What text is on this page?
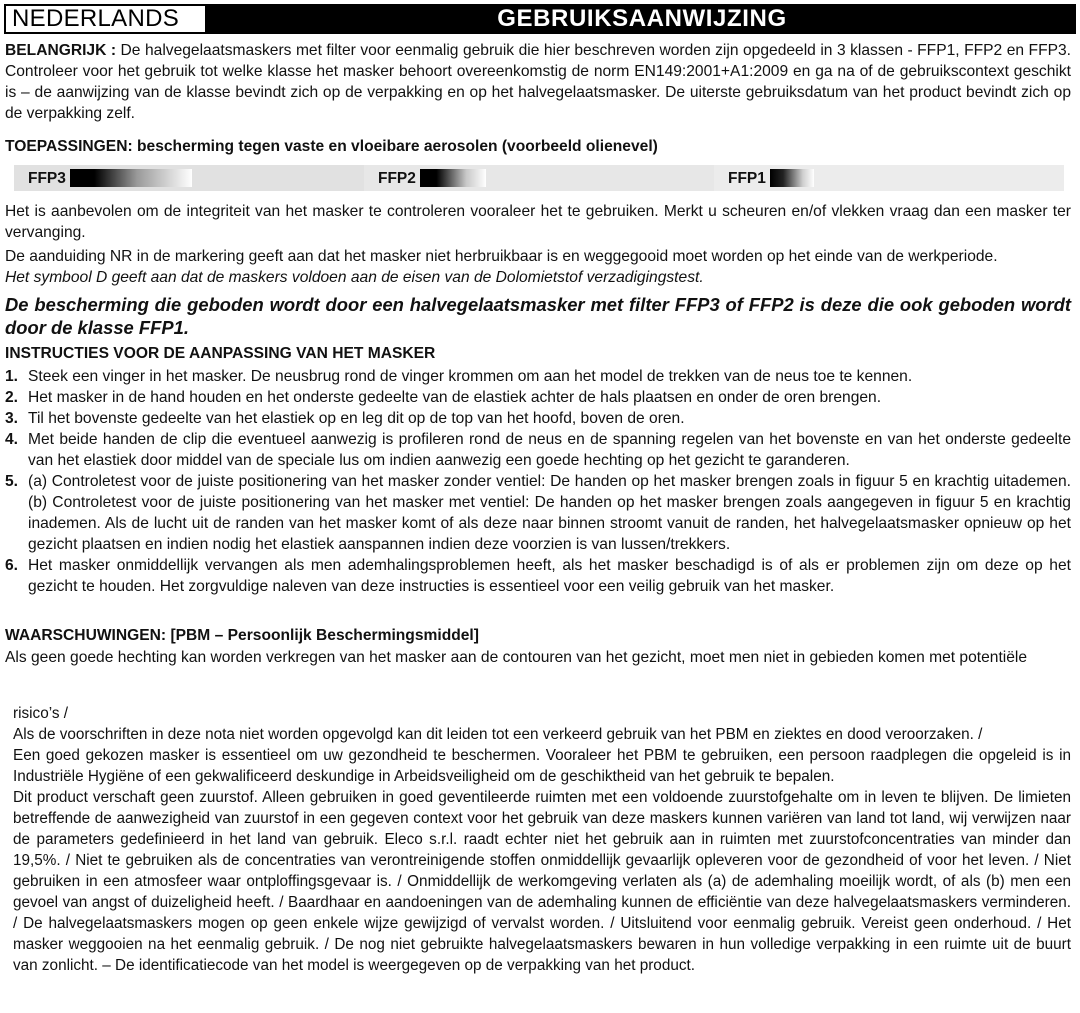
NEDERLANDS	GEBRUIKSAANWIJZING

BELANGRIJK : De halvegelaatsmaskers met filter voor eenmalig gebruik die hier beschreven worden zijn opgedeeld in 3 klassen - FFP1, FFP2 en FFP3. Controleer voor het gebruik tot welke klasse het masker behoort overeenkomstig de norm EN149:2001+A1:2009 en ga na of de gebruikscontext geschikt is – de aanwijzing van de klasse bevindt zich op de verpakking en op het halvegelaatsmasker. De uiterste gebruiksdatum van het product bevindt zich op de verpakking zelf.

TOEPASSINGEN: bescherming tegen vaste en vloeibare aerosolen (voorbeeld olienevel)

FFP3	FFP2	FFP1

Het is aanbevolen om de integriteit van het masker te controleren vooraleer het te gebruiken. Merkt u scheuren en/of vlekken vraag dan een masker ter vervanging.

De aanduiding NR in de markering geeft aan dat het masker niet herbruikbaar is en weggegooid moet worden op het einde van de werkperiode.

Het symbool D geeft aan dat de maskers voldoen aan de eisen van de Dolomietstof verzadigingstest.

De bescherming die geboden wordt door een halvegelaatsmasker met filter FFP3 of FFP2 is deze die ook geboden wordt door de klasse FFP1.

INSTRUCTIES VOOR DE AANPASSING VAN HET MASKER

1. Steek een vinger in het masker. De neusbrug rond de vinger krommen om aan het model de trekken van de neus toe te kennen.
2. Het masker in de hand houden en het onderste gedeelte van de elastiek achter de hals plaatsen en onder de oren brengen.
3. Til het bovenste gedeelte van het elastiek op en leg dit op de top van het hoofd, boven de oren.
4. Met beide handen de clip die eventueel aanwezig is profileren rond de neus en de spanning regelen van het bovenste en van het onderste gedeelte van het elastiek door middel van de speciale lus om indien aanwezig een goede hechting op het gezicht te garanderen.
5. (a) Controletest voor de juiste positionering van het masker zonder ventiel: De handen op het masker brengen zoals in figuur 5 en krachtig uitademen. (b) Controletest voor de juiste positionering van het masker met ventiel: De handen op het masker brengen zoals aangegeven in figuur 5 en krachtig inademen. Als de lucht uit de randen van het masker komt of als deze naar binnen stroomt vanuit de randen, het halvegelaatsmasker opnieuw op het gezicht plaatsen en indien nodig het elastiek aanspannen indien deze voorzien is van lussen/trekkers.
6. Het masker onmiddellijk vervangen als men ademhalingsproblemen heeft, als het masker beschadigd is of als er problemen zijn om deze op het gezicht te houden. Het zorgvuldige naleven van deze instructies is essentieel voor een veilig gebruik van het masker.

WAARSCHUWINGEN: [PBM – Persoonlijk Beschermingsmiddel]

Als geen goede hechting kan worden verkregen van het masker aan de contouren van het gezicht, moet men niet in gebieden komen met potentiële

risico’s /

Als de voorschriften in deze nota niet worden opgevolgd kan dit leiden tot een verkeerd gebruik van het PBM en ziektes en dood veroorzaken. /

Een goed gekozen masker is essentieel om uw gezondheid te beschermen. Vooraleer het PBM te gebruiken, een persoon raadplegen die opgeleid is in Industriële Hygiëne of een gekwalificeerd deskundige in Arbeidsveiligheid om de geschiktheid van het gebruik te bepalen.

Dit product verschaft geen zuurstof. Alleen gebruiken in goed geventileerde ruimten met een voldoende zuurstofgehalte om in leven te blijven. De limieten betreffende de aanwezigheid van zuurstof in een gegeven context voor het gebruik van deze maskers kunnen variëren van land tot land, wij verwijzen naar de parameters gedefinieerd in het land van gebruik. Eleco s.r.l. raadt echter niet het gebruik aan in ruimten met zuurstofconcentraties van minder dan 19,5%. / Niet te gebruiken als de concentraties van verontreinigende stoffen onmiddellijk gevaarlijk opleveren voor de gezondheid of voor het leven. / Niet gebruiken in een atmosfeer waar ontploffingsgevaar is. / Onmiddellijk de werkomgeving verlaten als (a) de ademhaling moeilijk wordt, of als (b) men een gevoel van angst of duizeligheid heeft. / Baardhaar en aandoeningen van de ademhaling kunnen de efficiëntie van deze halvegelaatsmaskers verminderen. / De halvegelaatsmaskers mogen op geen enkele wijze gewijzigd of vervalst worden. / Uitsluitend voor eenmalig gebruik. Vereist geen onderhoud. / Het masker weggooien na het eenmalig gebruik. / De nog niet gebruikte halvegelaatsmaskers bewaren in hun volledige verpakking in een ruimte uit de buurt van zonlicht. – De identificatiecode van het model is weergegeven op de verpakking van het product.
